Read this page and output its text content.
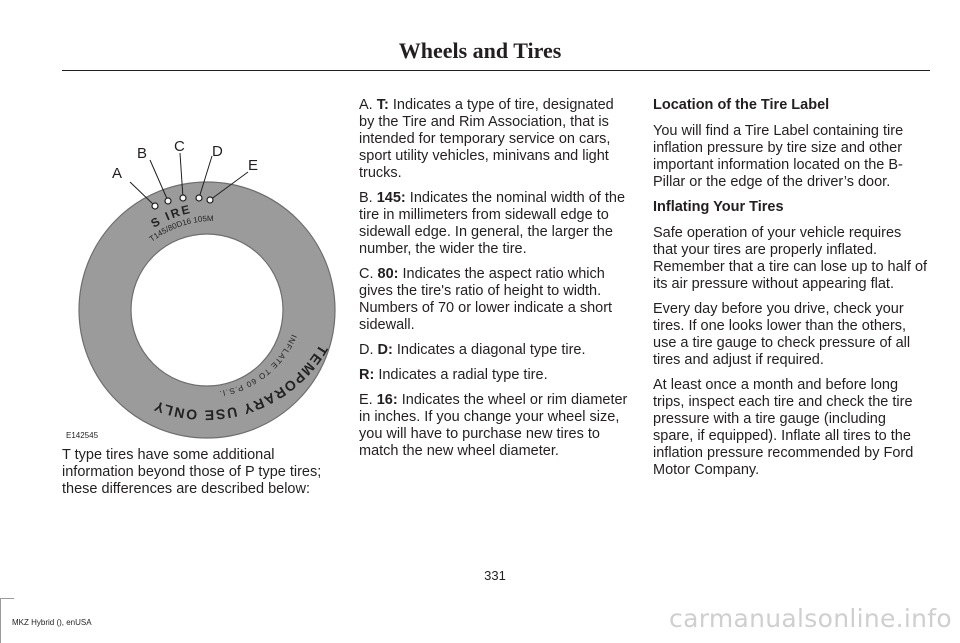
Wheels and Tires
S IRE
T145/80D16 105M
INFLATE TO 60 P.S.I.
TEMPORARY USE ONLY
A
B C D
E
E142545

T type tires have some additional information beyond those of P type tires; these differences are described below:

A. T: Indicates a type of tire, designated by the Tire and Rim Association, that is intended for temporary service on cars, sport utility vehicles, minivans and light trucks.

B. 145: Indicates the nominal width of the tire in millimeters from sidewall edge to sidewall edge. In general, the larger the number, the wider the tire.

C. 80: Indicates the aspect ratio which gives the tire's ratio of height to width. Numbers of 70 or lower indicate a short sidewall.

D. D: Indicates a diagonal type tire.

R: Indicates a radial type tire.

E. 16: Indicates the wheel or rim diameter in inches. If you change your wheel size, you will have to purchase new tires to match the new wheel diameter.

Location of the Tire Label

You will find a Tire Label containing tire inflation pressure by tire size and other important information located on the B-Pillar or the edge of the driver’s door.

Inflating Your Tires

Safe operation of your vehicle requires that your tires are properly inflated. Remember that a tire can lose up to half of its air pressure without appearing flat.

Every day before you drive, check your tires. If one looks lower than the others, use a tire gauge to check pressure of all tires and adjust if required.

At least once a month and before long trips, inspect each tire and check the tire pressure with a tire gauge (including spare, if equipped). Inflate all tires to the inflation pressure recommended by Ford Motor Company.

331
MKZ Hybrid (), enUSA	carmanualsonline.info
